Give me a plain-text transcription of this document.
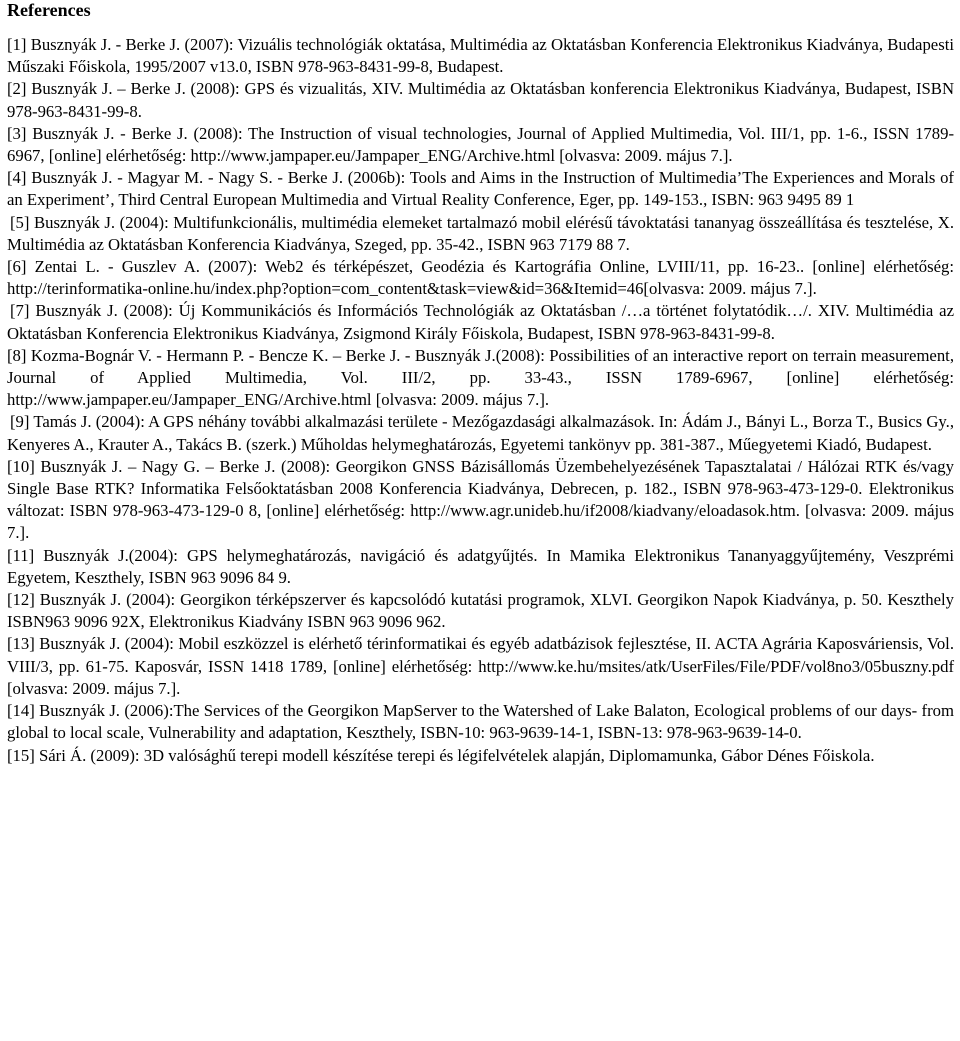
References

[1] Busznyák J. - Berke J. (2007): Vizuális technológiák oktatása, Multimédia az Oktatásban Konferencia Elektronikus Kiadványa, Budapesti Műszaki Főiskola, 1995/2007 v13.0, ISBN 978-963-8431-99-8, Budapest.

[2] Busznyák J. – Berke J. (2008): GPS és vizualitás, XIV. Multimédia az Oktatásban konferencia Elektronikus Kiadványa, Budapest, ISBN 978-963-8431-99-8.

[3] Busznyák J. - Berke J. (2008): The Instruction of visual technologies, Journal of Applied Multimedia, Vol. III/1, pp. 1-6., ISSN 1789-6967, [online] elérhetőség: http://www.jampaper.eu/Jampaper_ENG/Archive.html [olvasva: 2009. május 7.].

[4] Busznyák J. - Magyar M. - Nagy S. - Berke J. (2006b): Tools and Aims in the Instruction of Multimedia’The Experiences and Morals of an Experiment’, Third Central European Multimedia and Virtual Reality Conference, Eger, pp. 149-153., ISBN: 963 9495 89 1

[5] Busznyák J. (2004): Multifunkcionális, multimédia elemeket tartalmazó mobil elérésű távoktatási tananyag összeállítása és tesztelése, X. Multimédia az Oktatásban Konferencia Kiadványa, Szeged, pp. 35-42., ISBN 963 7179 88 7.

[6] Zentai L. - Guszlev A. (2007): Web2 és térképészet, Geodézia és Kartográfia Online, LVIII/11, pp. 16-23.. [online] elérhetőség: http://terinformatika-online.hu/index.php?option=com_content&task=view&id=36&Itemid=46[olvasva: 2009. május 7.].

[7] Busznyák J. (2008): Új Kommunikációs és Információs Technológiák az Oktatásban /…a történet folytatódik…/. XIV. Multimédia az Oktatásban Konferencia Elektronikus Kiadványa, Zsigmond Király Főiskola, Budapest, ISBN 978-963-8431-99-8.

[8] Kozma-Bognár V. - Hermann P. - Bencze K. – Berke J. - Busznyák J.(2008): Possibilities of an interactive report on terrain measurement, Journal of Applied Multimedia, Vol. III/2, pp. 33-43., ISSN 1789-6967, [online] elérhetőség: http://www.jampaper.eu/Jampaper_ENG/Archive.html [olvasva: 2009. május 7.].

[9] Tamás J. (2004): A GPS néhány további alkalmazási területe - Mezőgazdasági alkalmazások. In: Ádám J., Bányi L., Borza T., Busics Gy., Kenyeres A., Krauter A., Takács B. (szerk.) Műholdas helymeghatározás, Egyetemi tankönyv pp. 381-387., Műegyetemi Kiadó, Budapest.

[10] Busznyák J. – Nagy G. – Berke J. (2008): Georgikon GNSS Bázisállomás Üzembehelyezésének Tapasztalatai / Hálózai RTK és/vagy Single Base RTK? Informatika Felsőoktatásban 2008 Konferencia Kiadványa, Debrecen, p. 182., ISBN 978-963-473-129-0. Elektronikus változat: ISBN 978-963-473-129-0 8, [online] elérhetőség: http://www.agr.unideb.hu/if2008/kiadvany/eloadasok.htm. [olvasva: 2009. május 7.].

[11] Busznyák J.(2004): GPS helymeghatározás, navigáció és adatgyűjtés. In Mamika Elektronikus Tananyaggyűjtemény, Veszprémi Egyetem, Keszthely, ISBN 963 9096 84 9.

[12] Busznyák J. (2004): Georgikon térképszerver és kapcsolódó kutatási programok, XLVI. Georgikon Napok Kiadványa, p. 50. Keszthely ISBN963 9096 92X, Elektronikus Kiadvány ISBN 963 9096 962.

[13] Busznyák J. (2004): Mobil eszközzel is elérhető térinformatikai és egyéb adatbázisok fejlesztése, II. ACTA Agrária Kaposváriensis, Vol. VIII/3, pp. 61-75. Kaposvár, ISSN 1418 1789, [online] elérhetőség: http://www.ke.hu/msites/atk/UserFiles/File/PDF/vol8no3/05buszny.pdf [olvasva: 2009. május 7.].

[14] Busznyák J. (2006):The Services of the Georgikon MapServer to the Watershed of Lake Balaton, Ecological problems of our days- from global to local scale, Vulnerability and adaptation, Keszthely, ISBN-10: 963-9639-14-1, ISBN-13: 978-963-9639-14-0.

[15] Sári Á. (2009): 3D valósághű terepi modell készítése terepi és légifelvételek alapján, Diplomamunka, Gábor Dénes Főiskola.
